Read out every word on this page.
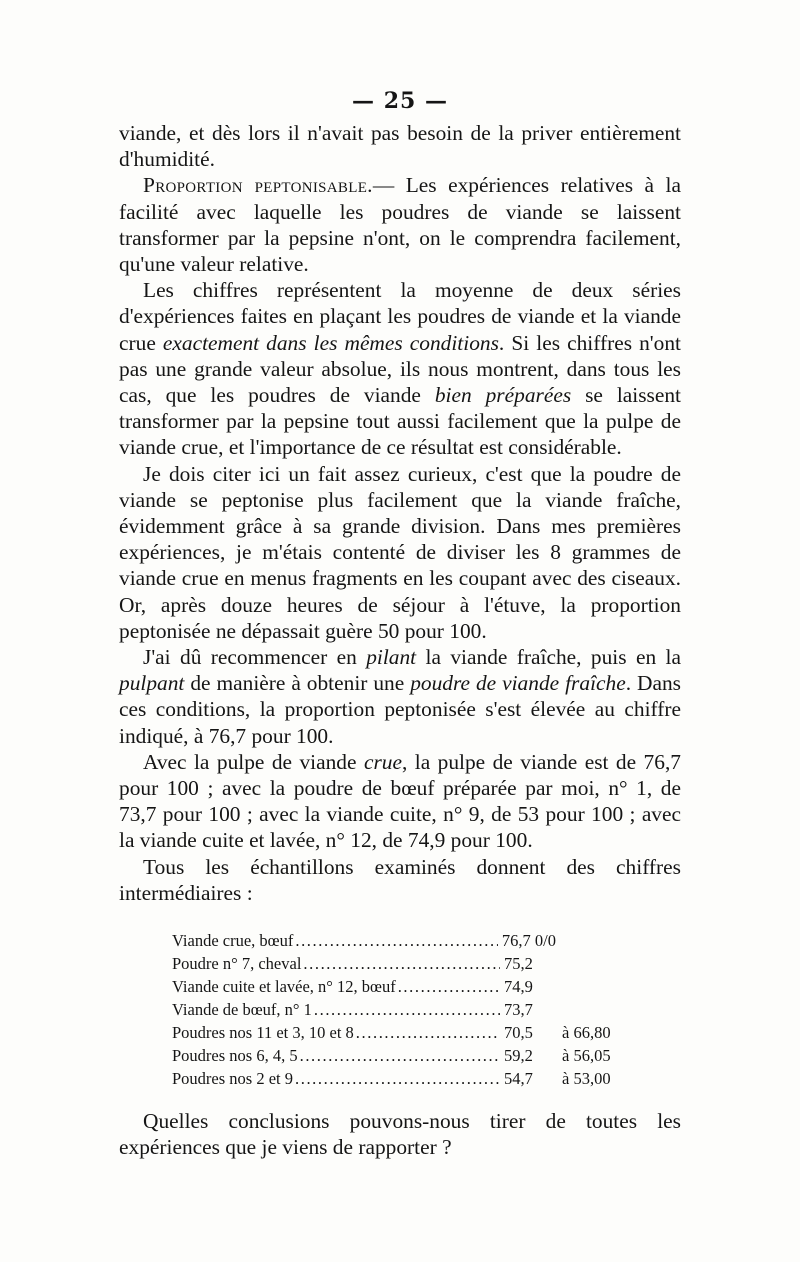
— 25 —

viande, et dès lors il n'avait pas besoin de la priver entièrement d'humidité.

Proportion peptonisable.— Les expériences relatives à la facilité avec laquelle les poudres de viande se laissent transformer par la pepsine n'ont, on le comprendra facilement, qu'une valeur relative.

Les chiffres représentent la moyenne de deux séries d'expériences faites en plaçant les poudres de viande et la viande crue exactement dans les mêmes conditions. Si les chiffres n'ont pas une grande valeur absolue, ils nous montrent, dans tous les cas, que les poudres de viande bien préparées se laissent transformer par la pepsine tout aussi facilement que la pulpe de viande crue, et l'importance de ce résultat est considérable.

Je dois citer ici un fait assez curieux, c'est que la poudre de viande se peptonise plus facilement que la viande fraîche, évidemment grâce à sa grande division. Dans mes premières expériences, je m'étais contenté de diviser les 8 grammes de viande crue en menus fragments en les coupant avec des ciseaux. Or, après douze heures de séjour à l'étuve, la proportion peptonisée ne dépassait guère 50 pour 100.

J'ai dû recommencer en pilant la viande fraîche, puis en la pulpant de manière à obtenir une poudre de viande fraîche. Dans ces conditions, la proportion peptonisée s'est élevée au chiffre indiqué, à 76,7 pour 100.

Avec la pulpe de viande crue, la pulpe de viande est de 76,7 pour 100 ; avec la poudre de bœuf préparée par moi, n° 1, de 73,7 pour 100 ; avec la viande cuite, n° 9, de 53 pour 100 ; avec la viande cuite et lavée, n° 12, de 74,9 pour 100.

Tous les échantillons examinés donnent des chiffres intermédiaires :

Viande crue, bœuf .....	76,7 0/0
Poudre n° 7, cheval .....	75,2
Viande cuite et lavée, n° 12, bœuf .....	74,9
Viande de bœuf, n° 1 .....	73,7
Poudres nos 11 et 3, 10 et 8 .....	70,5	à 66,80
Poudres nos 6, 4, 5 .....	59,2	à 56,05
Poudres nos 2 et 9 .....	54,7	à 53,00

Quelles conclusions pouvons-nous tirer de toutes les expériences que je viens de rapporter ?
